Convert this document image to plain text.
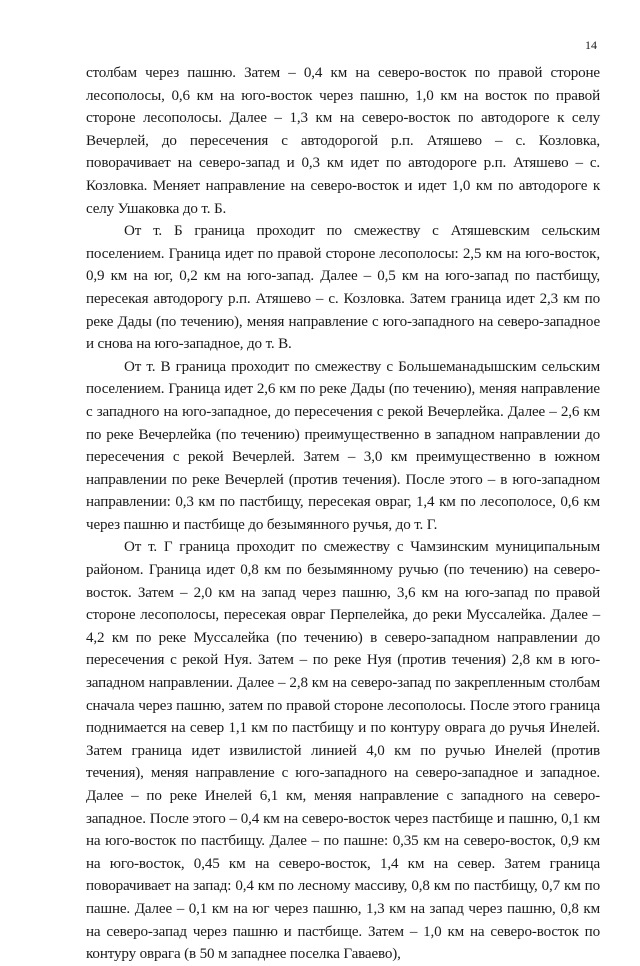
14

столбам через пашню. Затем – 0,4 км на северо-восток по правой стороне лесополосы, 0,6 км на юго-восток через пашню, 1,0 км на восток по правой стороне лесополосы. Далее – 1,3 км на северо-восток по автодороге к селу Вечерлей, до пересечения с автодорогой р.п. Атяшево – с. Козловка, поворачивает на северо-запад и 0,3 км идет по автодороге р.п. Атяшево – с. Козловка. Меняет направление на северо-восток и идет 1,0 км по автодороге к селу Ушаковка до т. Б.

От т. Б граница проходит по смежеству с Атяшевским сельским поселением. Граница идет по правой стороне лесополосы: 2,5 км на юго-восток, 0,9 км на юг, 0,2 км на юго-запад. Далее – 0,5 км на юго-запад по пастбищу, пересекая автодорогу р.п. Атяшево – с. Козловка. Затем граница идет 2,3 км по реке Дады (по течению), меняя направление с юго-западного на северо-западное и снова на юго-западное, до т. В.

От т. В граница проходит по смежеству с Большеманадышским сельским поселением. Граница идет 2,6 км по реке Дады (по течению), меняя направление с западного на юго-западное, до пересечения с рекой Вечерлейка. Далее – 2,6 км по реке Вечерлейка (по течению) преимущественно в западном направлении до пересечения с рекой Вечерлей. Затем – 3,0 км преимущественно в южном направлении по реке Вечерлей (против течения). После этого – в юго-западном направлении: 0,3 км по пастбищу, пересекая овраг, 1,4 км по лесополосе, 0,6 км через пашню и пастбище до безымянного ручья, до т. Г.

От т. Г граница проходит по смежеству с Чамзинским муниципальным районом. Граница идет 0,8 км по безымянному ручью (по течению) на северо-восток. Затем – 2,0 км на запад через пашню, 3,6 км на юго-запад по правой стороне лесополосы, пересекая овраг Перпелейка, до реки Муссалейка. Далее – 4,2 км по реке Муссалейка (по течению) в северо-западном направлении до пересечения с рекой Нуя. Затем – по реке Нуя (против течения) 2,8 км в юго-западном направлении. Далее – 2,8 км на северо-запад по закрепленным столбам сначала через пашню, затем по правой стороне лесополосы. После этого граница поднимается на север 1,1 км по пастбищу и по контуру оврага до ручья Инелей. Затем граница идет извилистой линией 4,0 км по ручью Инелей (против течения), меняя направление с юго-западного на северо-западное и западное. Далее – по реке Инелей 6,1 км, меняя направление с западного на северо-западное. После этого – 0,4 км на северо-восток через пастбище и пашню, 0,1 км на юго-восток по пастбищу. Далее – по пашне: 0,35 км на северо-восток, 0,9 км на юго-восток, 0,45 км на северо-восток, 1,4 км на север. Затем граница поворачивает на запад: 0,4 км по лесному массиву, 0,8 км по пастбищу, 0,7 км по пашне. Далее – 0,1 км на юг через пашню, 1,3 км на запад через пашню, 0,8 км на северо-запад через пашню и пастбище. Затем – 1,0 км на северо-восток по контуру оврага (в 50 м западнее поселка Гаваево),
